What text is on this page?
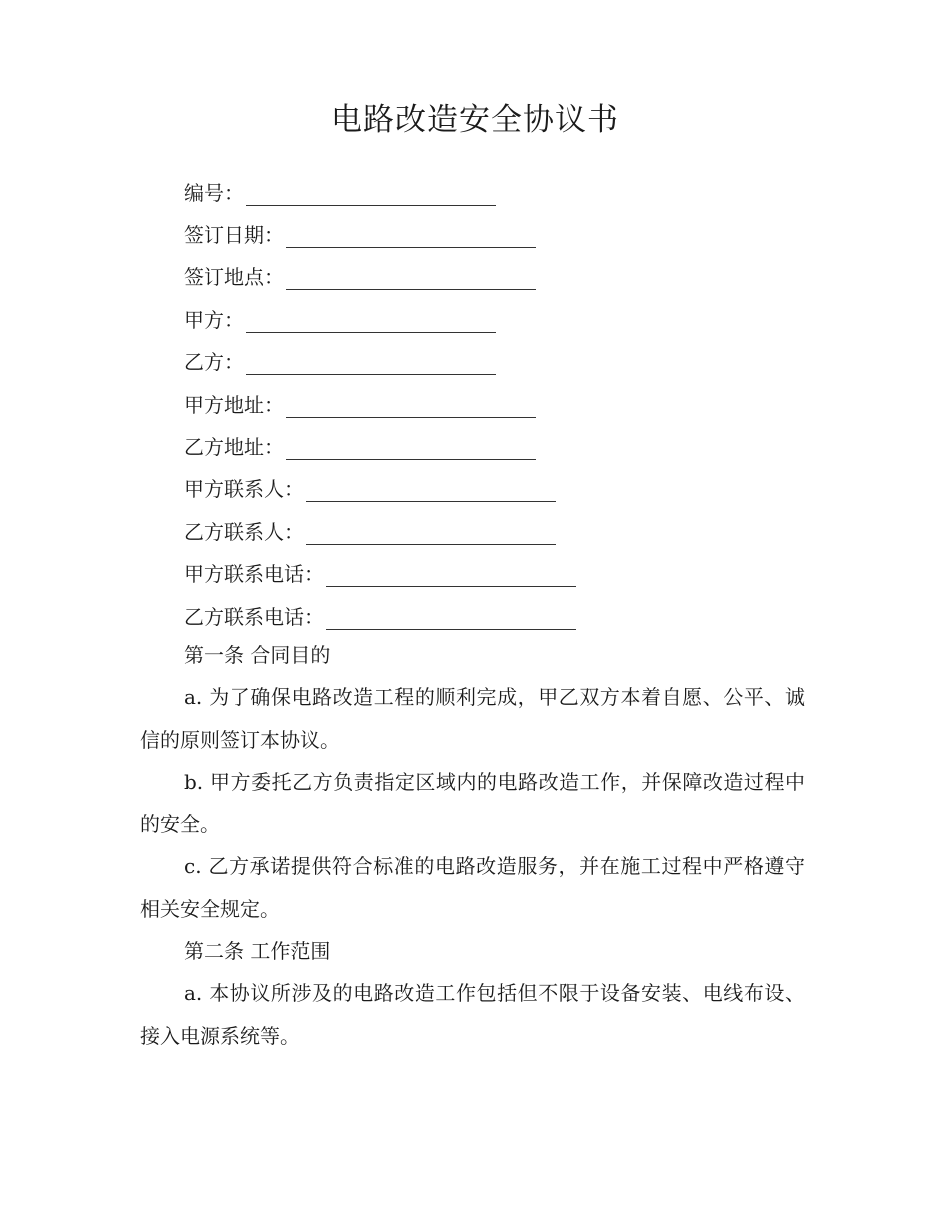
电路改造安全协议书
编号：
签订日期：
签订地点：
甲方：
乙方：
甲方地址：
乙方地址：
甲方联系人：
乙方联系人：
甲方联系电话：
乙方联系电话：
第一条 合同目的
a. 为了确保电路改造工程的顺利完成，甲乙双方本着自愿、公平、诚信的原则签订本协议。
b. 甲方委托乙方负责指定区域内的电路改造工作，并保障改造过程中的安全。
c. 乙方承诺提供符合标准的电路改造服务，并在施工过程中严格遵守相关安全规定。
第二条 工作范围
a. 本协议所涉及的电路改造工作包括但不限于设备安装、电线布设、接入电源系统等。
